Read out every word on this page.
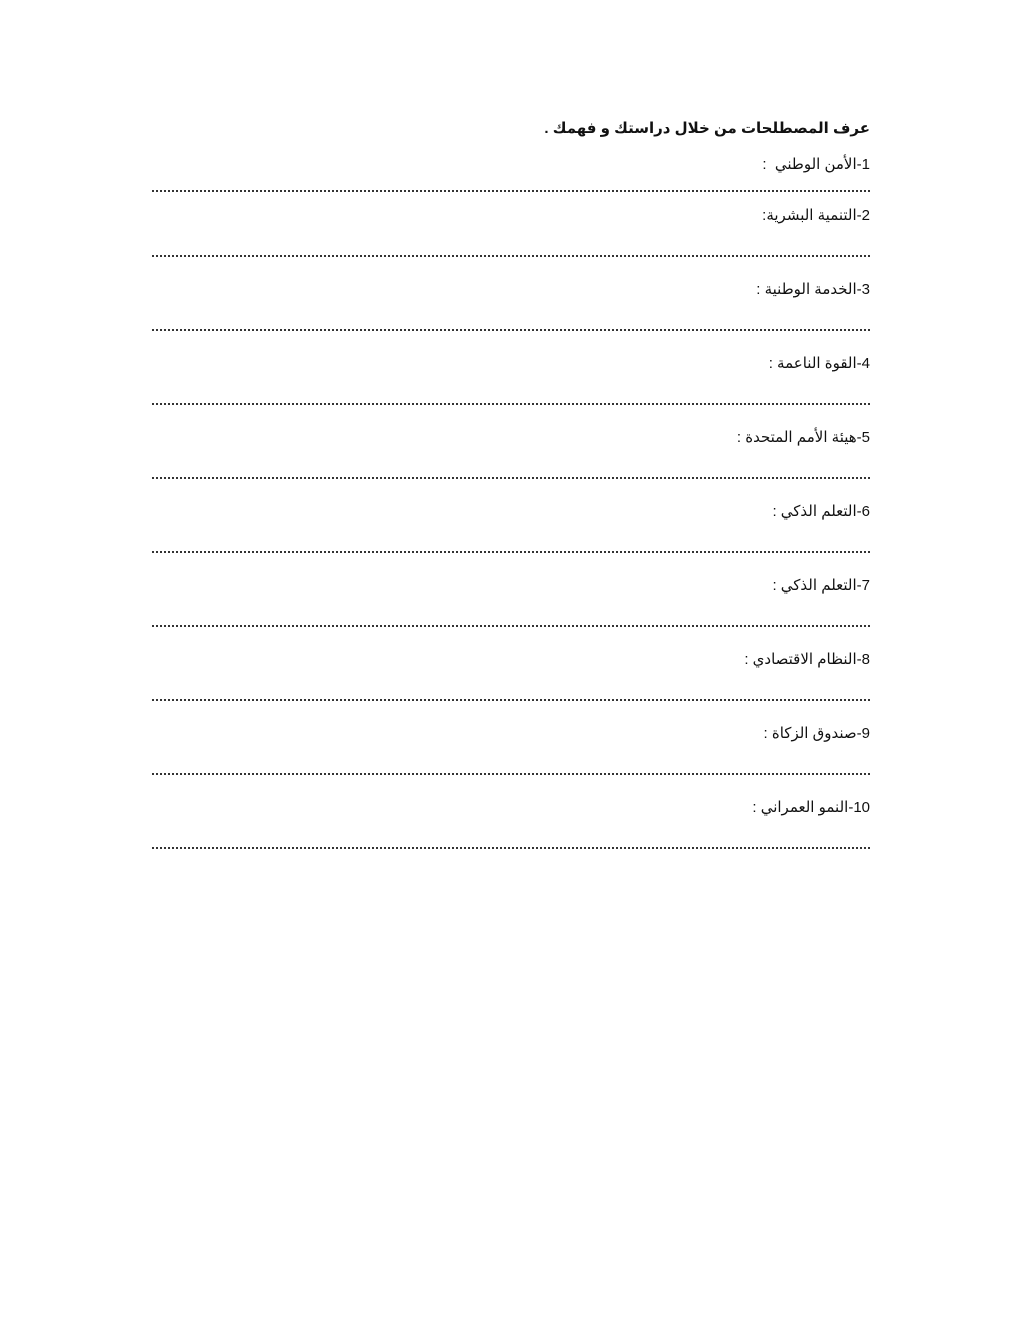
عرف المصطلحات من خلال دراستك و فهمك .
1-الأمن الوطني  :
2-التنمية البشرية:
3-الخدمة الوطنية :
4-القوة الناعمة :
5-هيئة الأمم المتحدة :
6-التعلم الذكي :
7-التعلم الذكي :
8-النظام الاقتصادي :
9-صندوق الزكاة :
10-النمو العمراني :
